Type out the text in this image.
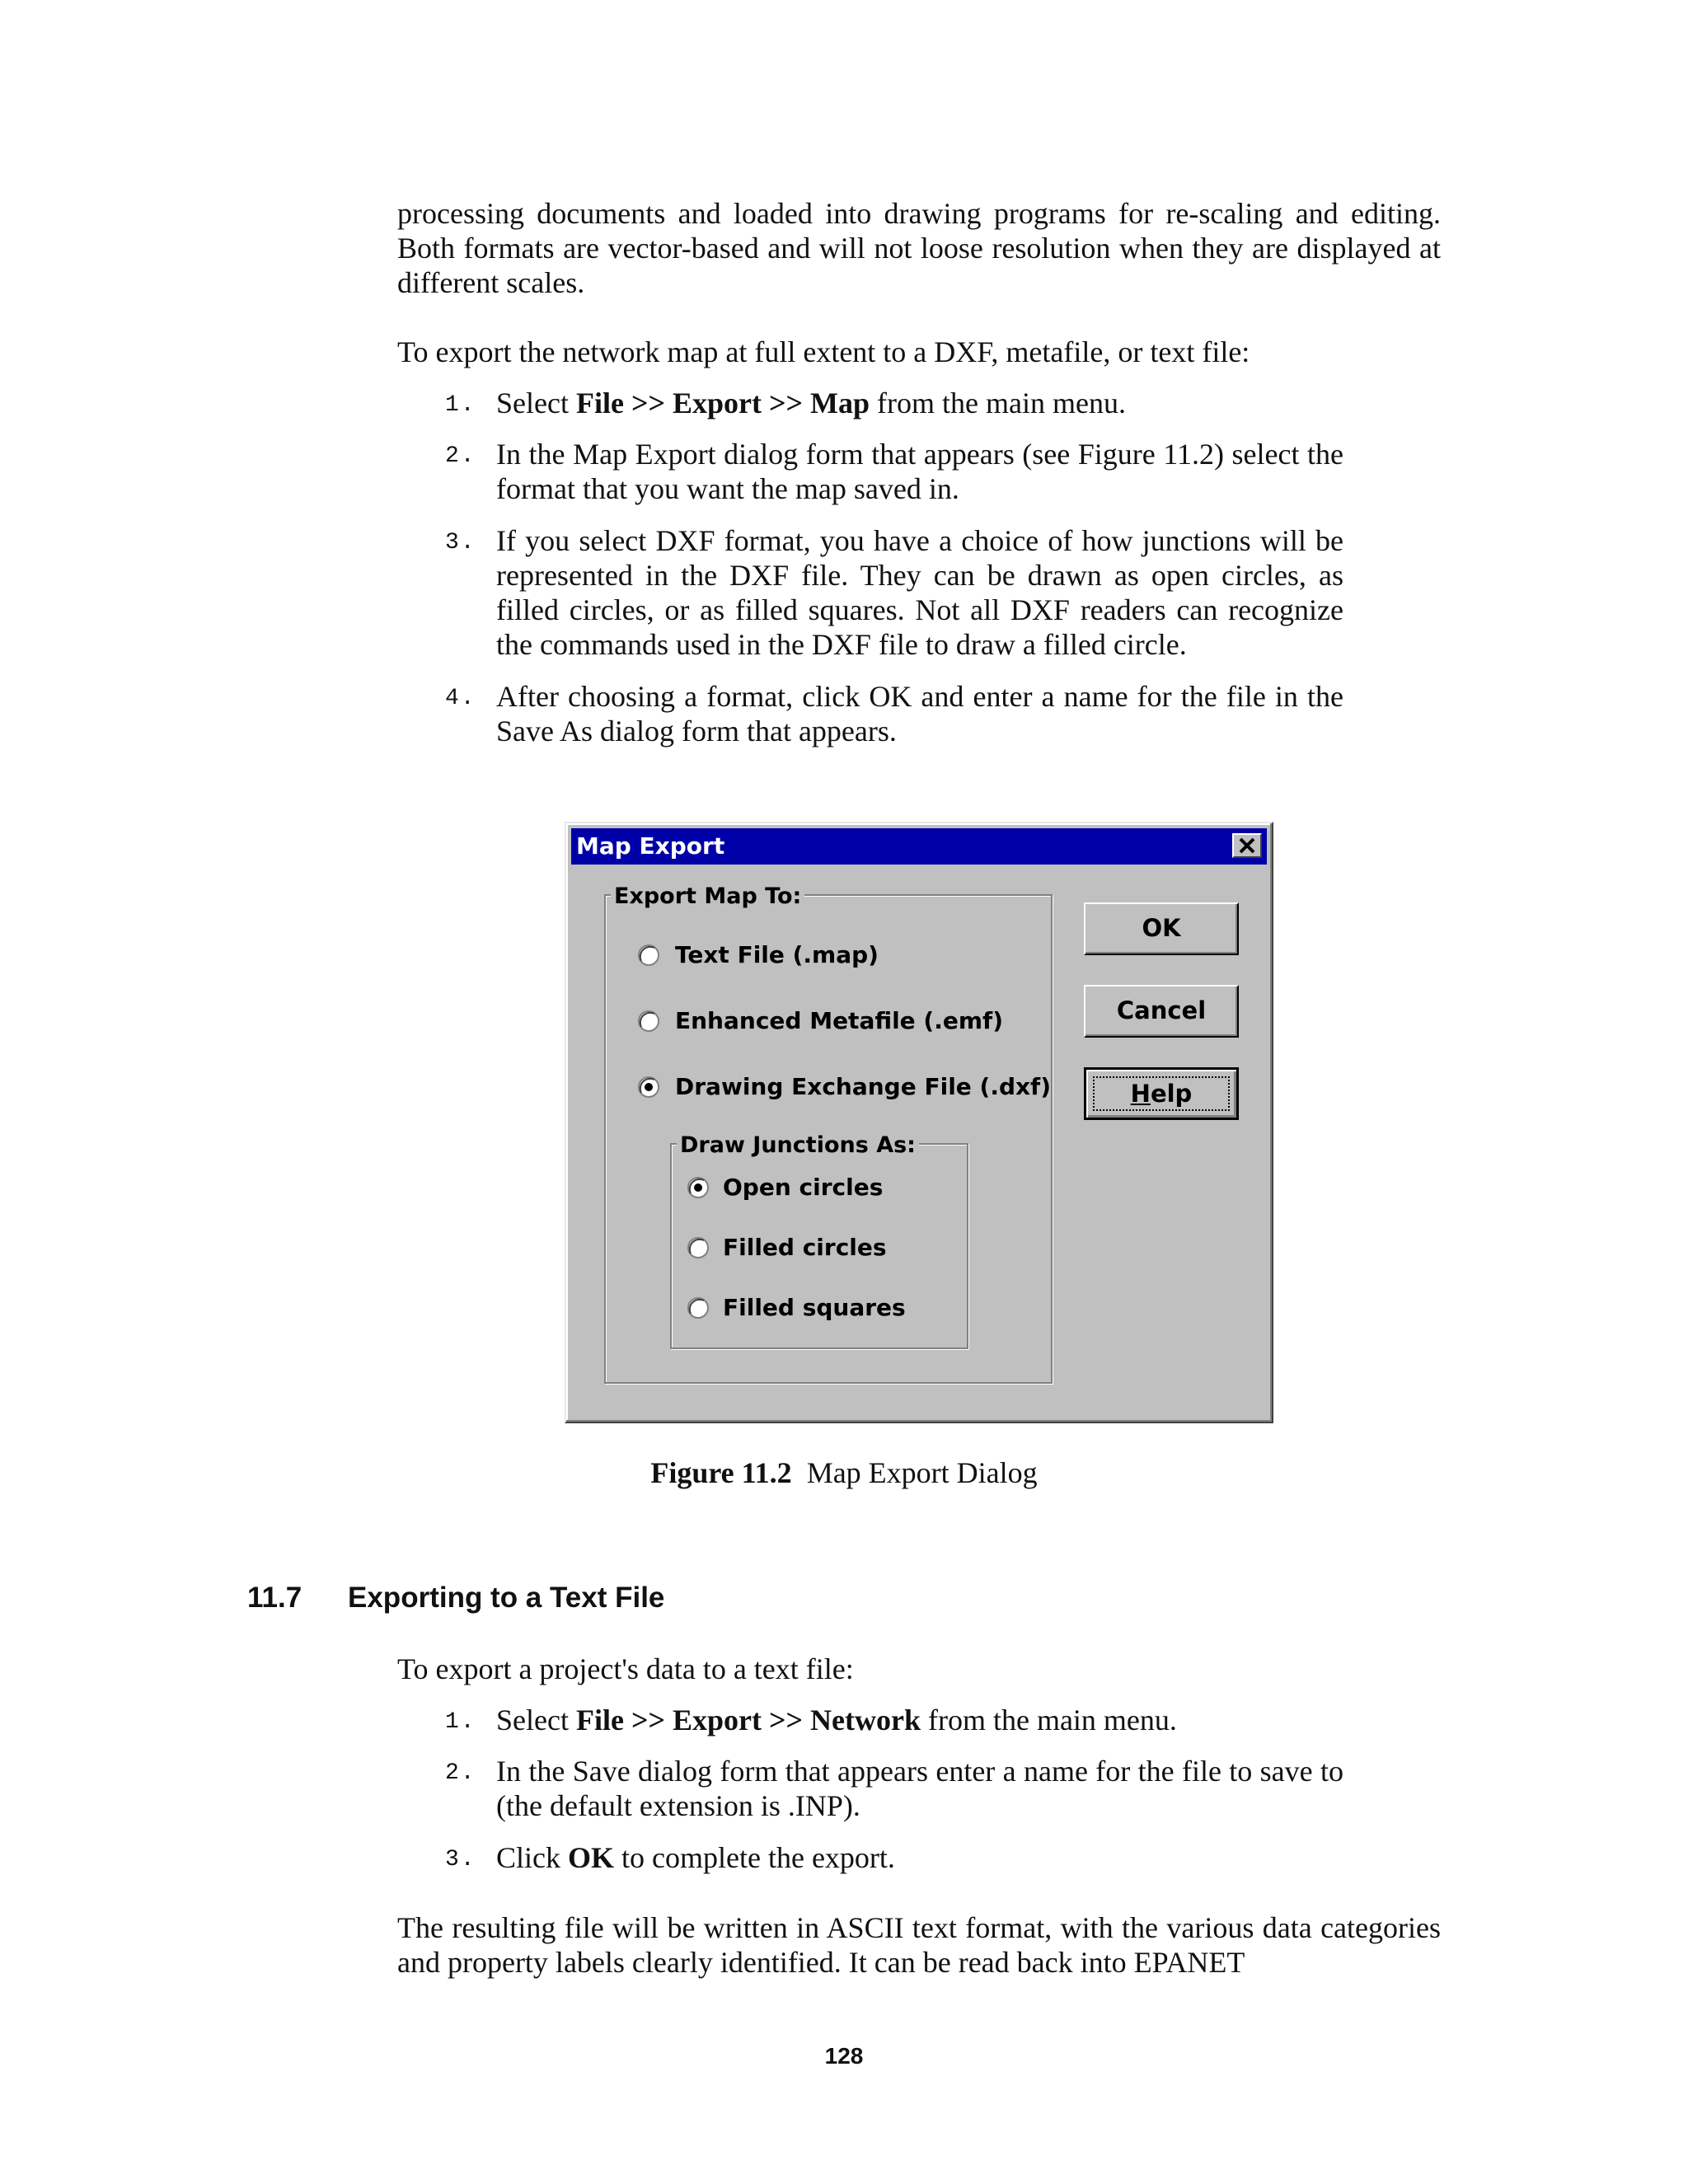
processing documents and loaded into drawing programs for re-scaling and editing. Both formats are vector-based and will not loose resolution when they are displayed at different scales.
To export the network map at full extent to a DXF, metafile, or text file:
1. Select File >> Export >> Map from the main menu.
2. In the Map Export dialog form that appears (see Figure 11.2) select the format that you want the map saved in.
3. If you select DXF format, you have a choice of how junctions will be represented in the DXF file. They can be drawn as open circles, as filled circles, or as filled squares. Not all DXF readers can recognize the commands used in the DXF file to draw a filled circle.
4. After choosing a format, click OK and enter a name for the file in the Save As dialog form that appears.
Map Export
Export Map To:
Text File (.map)
Enhanced Metafile (.emf)
Drawing Exchange File (.dxf)
Draw Junctions As:
Open circles
Filled circles
Filled squares
OK
Cancel
Help
Figure 11.2 Map Export Dialog
11.7 Exporting to a Text File
To export a project's data to a text file:
1. Select File >> Export >> Network from the main menu.
2. In the Save dialog form that appears enter a name for the file to save to (the default extension is .INP).
3. Click OK to complete the export.
The resulting file will be written in ASCII text format, with the various data categories and property labels clearly identified. It can be read back into EPANET
128
